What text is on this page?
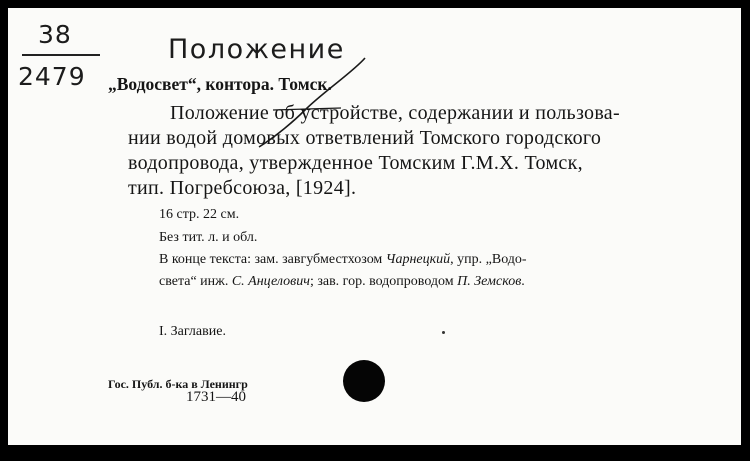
38
2479
Положение
„Водосвет“, контора. Томск.
Положение об устройстве, содержании и пользова-
нии водой домовых ответвлений Томского городского
водопровода, утвержденное Томским Г.М.Х. Томск,
тип. Погребсоюза, [1924].
16 стр. 22 см.
Без тит. л. и обл.
В конце текста: зам. завгубместхозом Чарнецкий, упр. „Водо-
света“ инж. С. Анцелович; зав. гор. водопроводом П. Земсков.
I. Заглавие.
Гос. Публ. б-ка в Ленингр
1731—40
